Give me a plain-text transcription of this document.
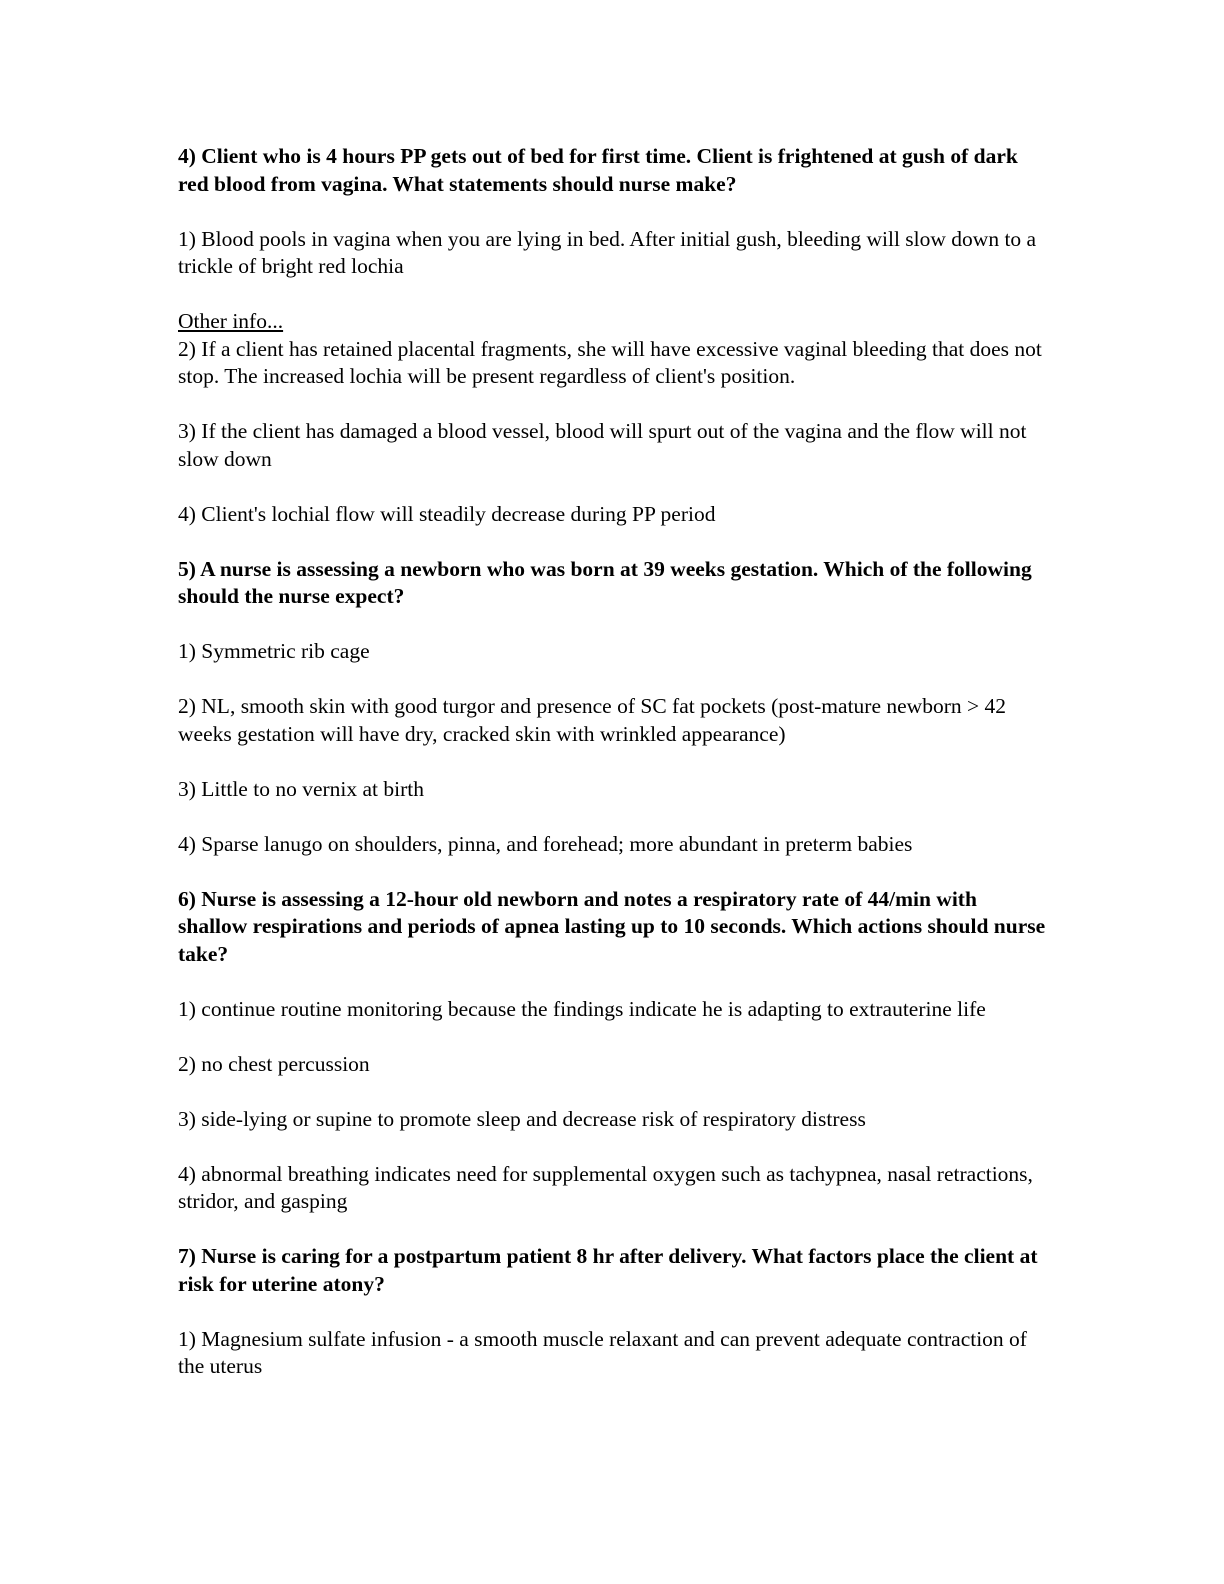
4) Client who is 4 hours PP gets out of bed for first time. Client is frightened at gush of dark red blood from vagina. What statements should nurse make?

1) Blood pools in vagina when you are lying in bed. After initial gush, bleeding will slow down to a trickle of bright red lochia

Other info...

2) If a client has retained placental fragments, she will have excessive vaginal bleeding that does not stop. The increased lochia will be present regardless of client's position.

3) If the client has damaged a blood vessel, blood will spurt out of the vagina and the flow will not slow down

4) Client's lochial flow will steadily decrease during PP period

5) A nurse is assessing a newborn who was born at 39 weeks gestation. Which of the following should the nurse expect?

1) Symmetric rib cage

2) NL, smooth skin with good turgor and presence of SC fat pockets (post-mature newborn > 42 weeks gestation will have dry, cracked skin with wrinkled appearance)

3) Little to no vernix at birth

4) Sparse lanugo on shoulders, pinna, and forehead; more abundant in preterm babies

6) Nurse is assessing a 12-hour old newborn and notes a respiratory rate of 44/min with shallow respirations and periods of apnea lasting up to 10 seconds. Which actions should nurse take?

1) continue routine monitoring because the findings indicate he is adapting to extrauterine life

2) no chest percussion

3) side-lying or supine to promote sleep and decrease risk of respiratory distress

4) abnormal breathing indicates need for supplemental oxygen such as tachypnea, nasal retractions, stridor, and gasping

7) Nurse is caring for a postpartum patient 8 hr after delivery. What factors place the client at risk for uterine atony?

1) Magnesium sulfate infusion - a smooth muscle relaxant and can prevent adequate contraction of the uterus
